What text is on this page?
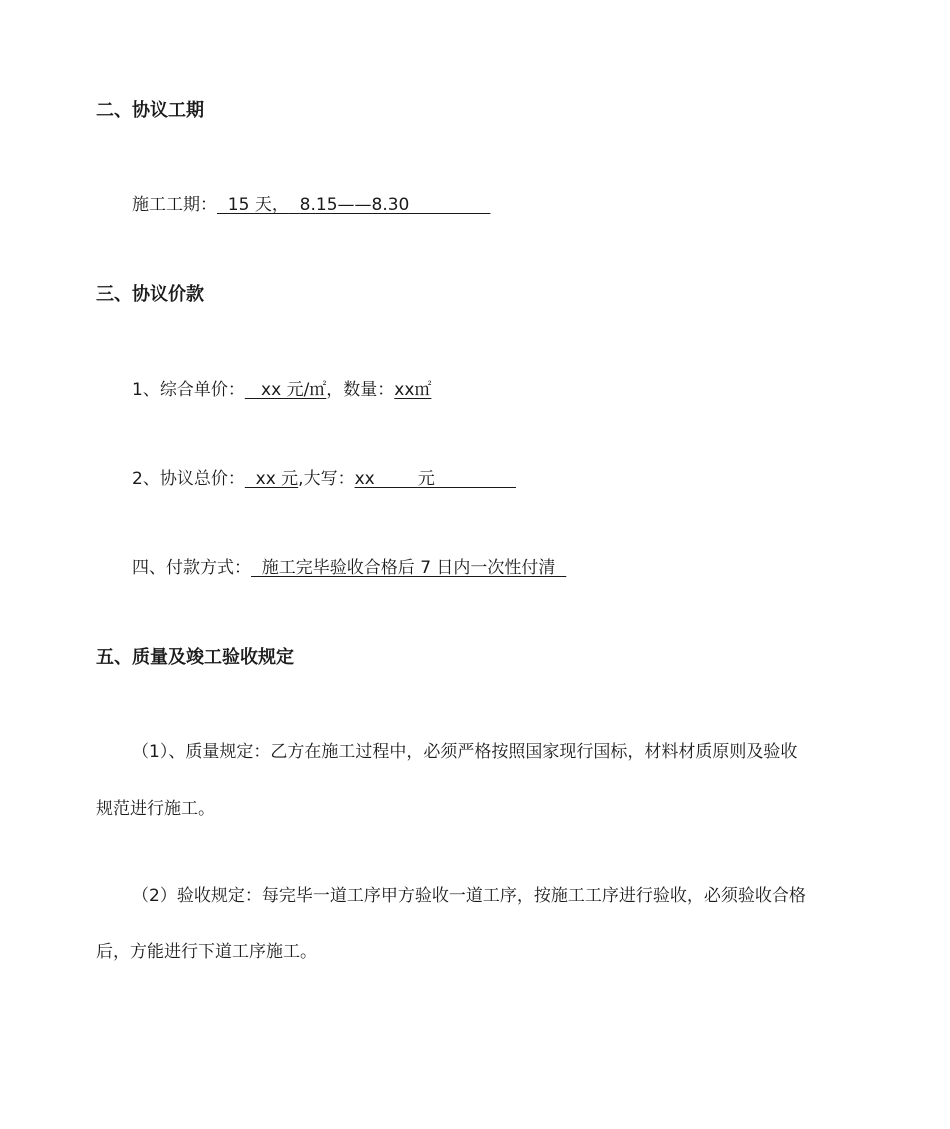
二、协议工期
施工工期：  15 天， 8.15——8.30
三、协议价款
1、综合单价：   xx 元/㎡，数量：xx㎡
2、协议总价：  xx 元,大写：xx        元
四、付款方式：  施工完毕验收合格后 7 日内一次性付清
五、质量及竣工验收规定
（1）、质量规定：乙方在施工过程中，必须严格按照国家现行国标，材料材质原则及验收
规范进行施工。
（2）验收规定：每完毕一道工序甲方验收一道工序，按施工工序进行验收，必须验收合格
后，方能进行下道工序施工。
